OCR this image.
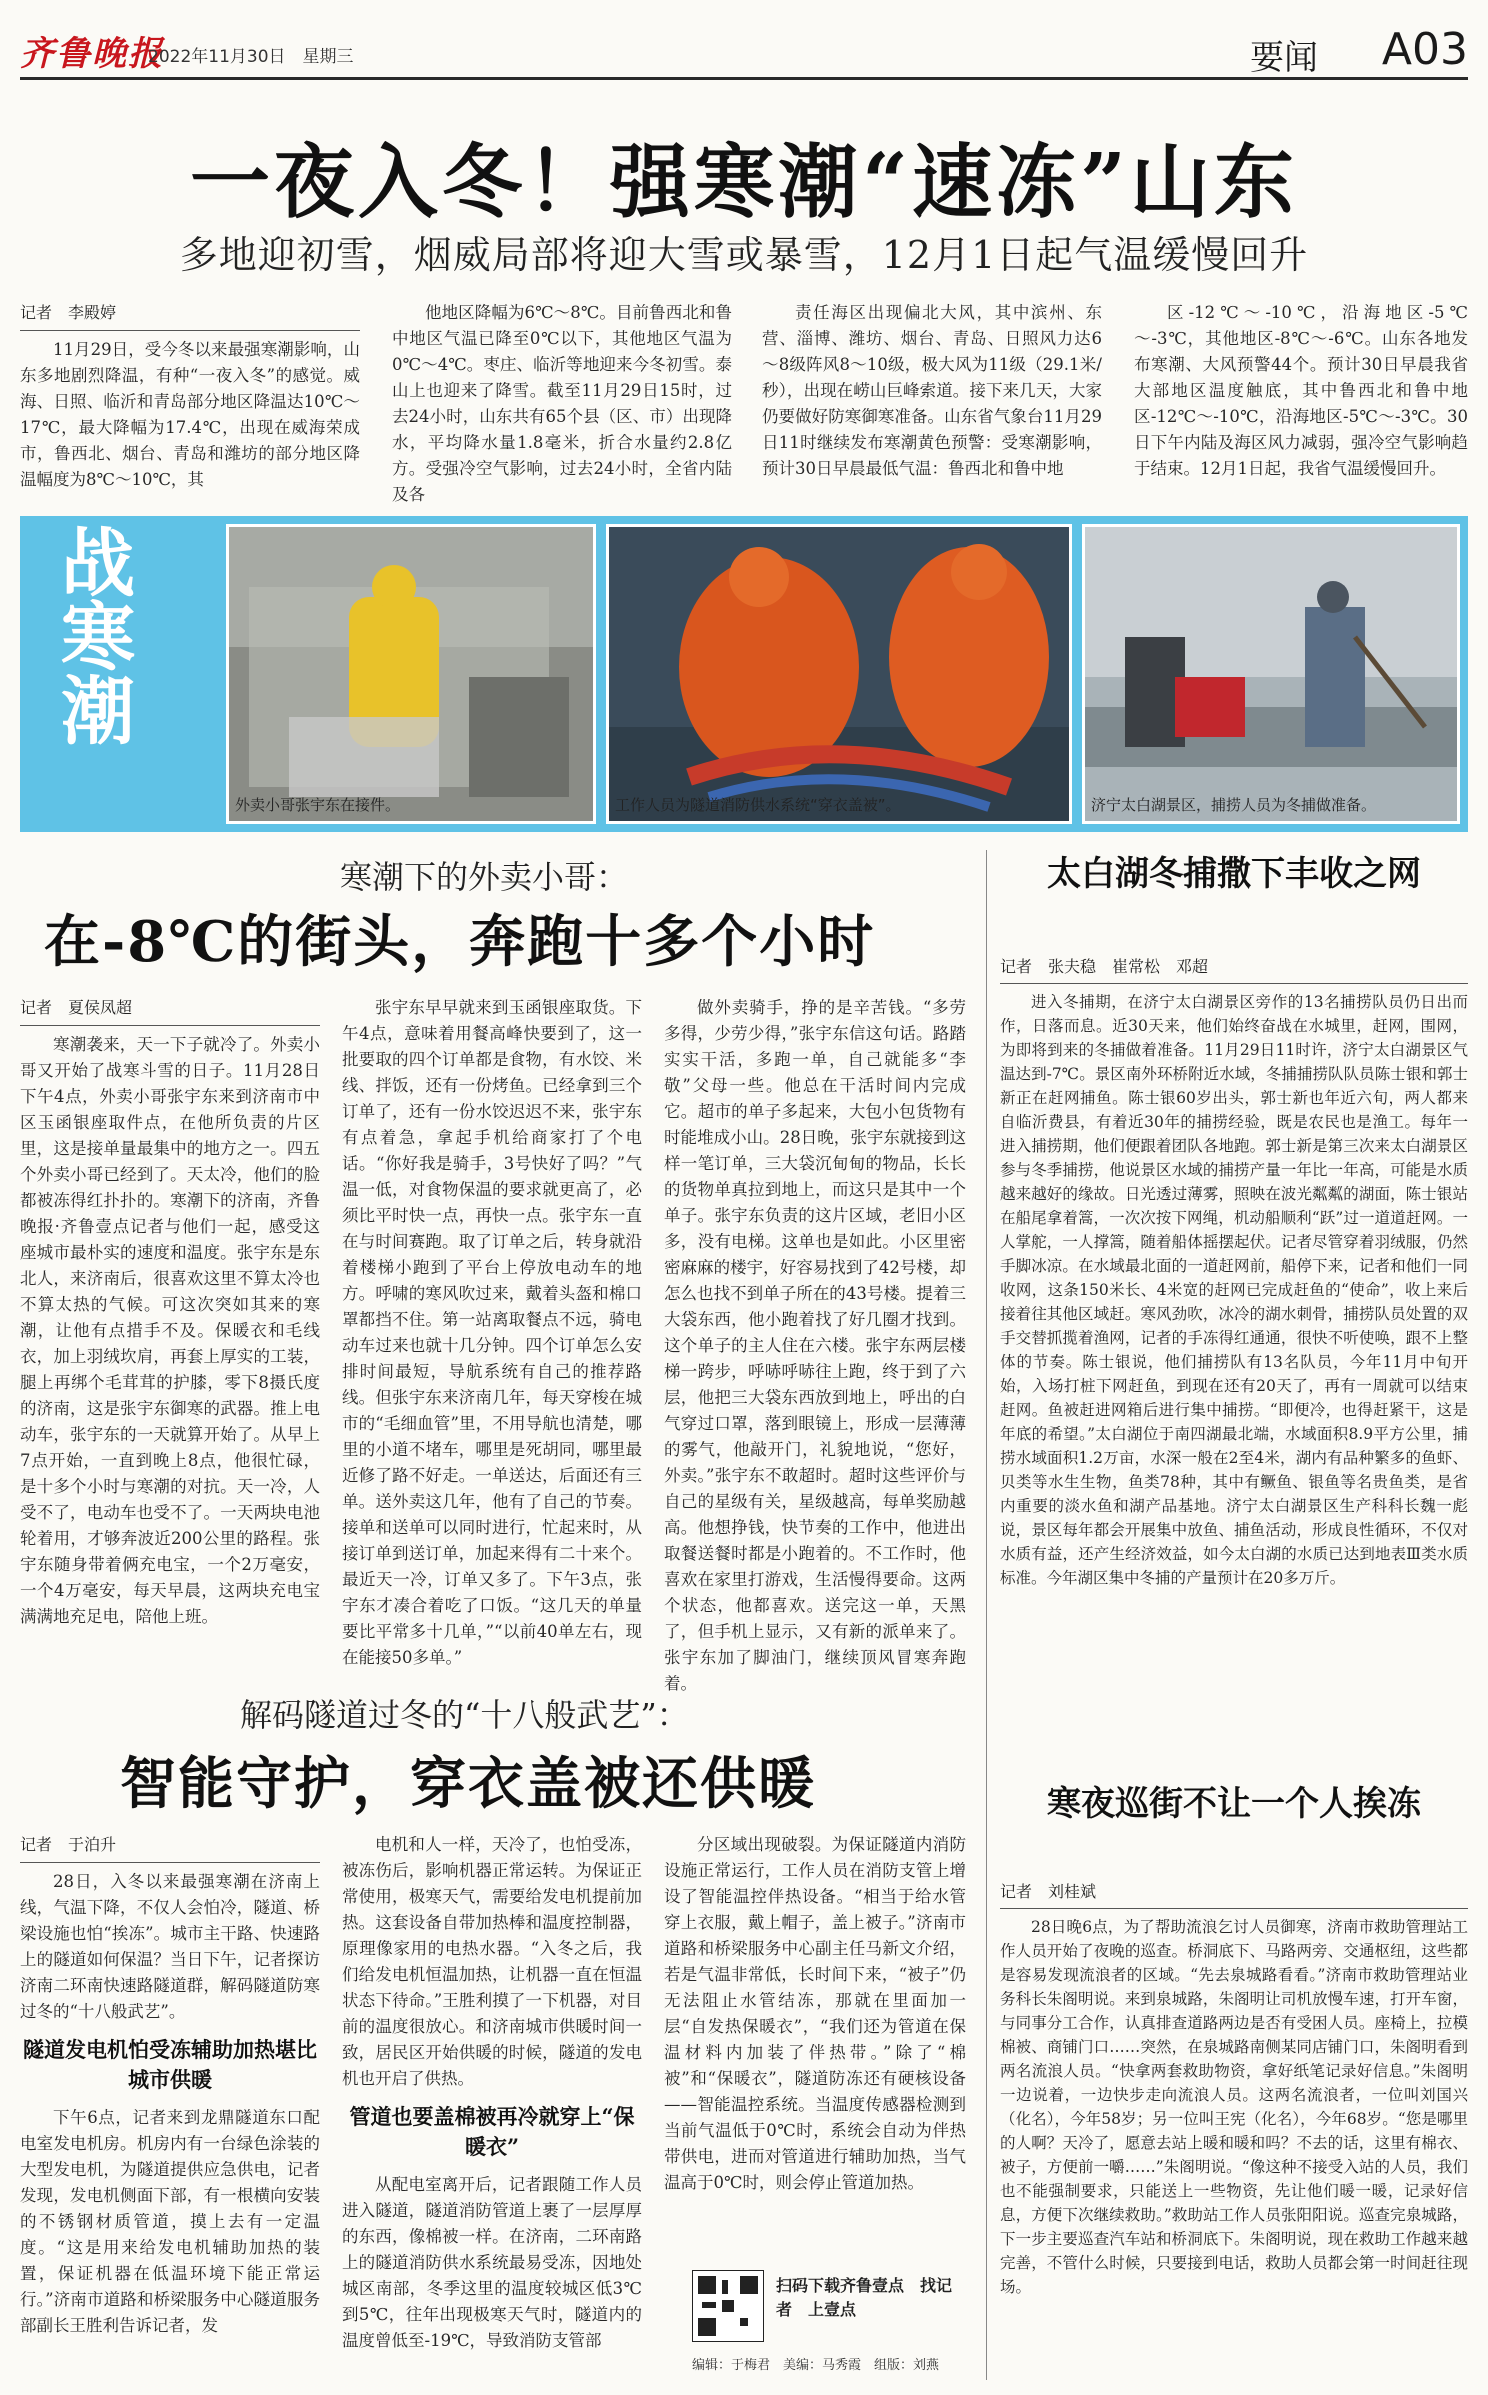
齐鲁晚报
2022年11月30日　星期三	要闻 A03
一夜入冬！强寒潮“速冻”山东
多地迎初雪，烟威局部将迎大雪或暴雪，12月1日起气温缓慢回升
记者　李殿婷

11月29日，受今冬以来最强寒潮影响，山东多地剧烈降温，有种“一夜入冬”的感觉。威海、日照、临沂和青岛部分地区降温达10℃～17℃，最大降幅为17.4℃，出现在威海荣成市，鲁西北、烟台、青岛和潍坊的部分地区降温幅度为8℃～10℃，其

他地区降幅为6℃～8℃。目前鲁西北和鲁中地区气温已降至0℃以下，其他地区气温为0℃～4℃。枣庄、临沂等地迎来今冬初雪。泰山上也迎来了降雪。截至11月29日15时，过去24小时，山东共有65个县（区、市）出现降水，平均降水量1.8毫米，折合水量约2.8亿方。受强冷空气影响，过去24小时，全省内陆及各

责任海区出现偏北大风，其中滨州、东营、淄博、潍坊、烟台、青岛、日照风力达6～8级阵风8～10级，极大风为11级（29.1米/秒），出现在崂山巨峰索道。接下来几天，大家仍要做好防寒御寒准备。山东省气象台11月29日11时继续发布寒潮黄色预警：受寒潮影响，预计30日早晨最低气温：鲁西北和鲁中地

区-12℃～-10℃，沿海地区-5℃～-3℃，其他地区-8℃～-6℃。山东各地发布寒潮、大风预警44个。预计30日早晨我省大部地区温度触底，其中鲁西北和鲁中地区-12℃～-10℃，沿海地区-5℃～-3℃。30日下午内陆及海区风力减弱，强冷空气影响趋于结束。12月1日起，我省气温缓慢回升。

战寒潮
外卖小哥张宇东在接件。	工作人员为隧道消防供水系统“穿衣盖被”。	济宁太白湖景区，捕捞人员为冬捕做准备。
寒潮下的外卖小哥：
在-8℃的街头，奔跑十多个小时
记者　夏侯凤超

寒潮袭来，天一下子就冷了。外卖小哥又开始了战寒斗雪的日子。11月28日下午4点，外卖小哥张宇东来到济南市中区玉函银座取件点，在他所负责的片区里，这是接单量最集中的地方之一。四五个外卖小哥已经到了。天太冷，他们的脸都被冻得红扑扑的。寒潮下的济南，齐鲁晚报·齐鲁壹点记者与他们一起，感受这座城市最朴实的速度和温度。张宇东是东北人，来济南后，很喜欢这里不算太冷也不算太热的气候。可这次突如其来的寒潮，让他有点措手不及。保暖衣和毛线衣，加上羽绒坎肩，再套上厚实的工装，腿上再绑个毛茸茸的护膝，零下8摄氏度的济南，这是张宇东御寒的武器。推上电动车，张宇东的一天就算开始了。从早上7点开始，一直到晚上8点，他很忙碌，是十多个小时与寒潮的对抗。天一冷，人受不了，电动车也受不了。一天两块电池轮着用，才够奔波近200公里的路程。张宇东随身带着俩充电宝，一个2万毫安，一个4万毫安，每天早晨，这两块充电宝满满地充足电，陪他上班。

张宇东早早就来到玉函银座取货。下午4点，意味着用餐高峰快要到了，这一批要取的四个订单都是食物，有水饺、米线、拌饭，还有一份烤鱼。已经拿到三个订单了，还有一份水饺迟迟不来，张宇东有点着急，拿起手机给商家打了个电话。“你好我是骑手，3号快好了吗？”气温一低，对食物保温的要求就更高了，必须比平时快一点，再快一点。张宇东一直在与时间赛跑。取了订单之后，转身就沿着楼梯小跑到了平台上停放电动车的地方。呼啸的寒风吹过来，戴着头盔和棉口罩都挡不住。第一站离取餐点不远，骑电动车过来也就十几分钟。四个订单怎么安排时间最短，导航系统有自己的推荐路线。但张宇东来济南几年，每天穿梭在城市的“毛细血管”里，不用导航也清楚，哪里的小道不堵车，哪里是死胡同，哪里最近修了路不好走。一单送达，后面还有三单。送外卖这几年，他有了自己的节奏。接单和送单可以同时进行，忙起来时，从接订单到送订单，加起来得有二十来个。最近天一冷，订单又多了。下午3点，张宇东才凑合着吃了口饭。“这几天的单量要比平常多十几单，”“以前40单左右，现在能接50多单。”

做外卖骑手，挣的是辛苦钱。“多劳多得，少劳少得，”张宇东信这句话。路踏实实干活，多跑一单，自己就能多“李敬”父母一些。他总在干活时间内完成它。超市的单子多起来，大包小包货物有时能堆成小山。28日晚，张宇东就接到这样一笔订单，三大袋沉甸甸的物品，长长的货物单真拉到地上，而这只是其中一个单子。张宇东负责的这片区域，老旧小区多，没有电梯。这单也是如此。小区里密密麻麻的楼宇，好容易找到了42号楼，却怎么也找不到单子所在的43号楼。提着三大袋东西，他小跑着找了好几圈才找到。这个单子的主人住在六楼。张宇东两层楼梯一跨步，呼哧呼哧往上跑，终于到了六层，他把三大袋东西放到地上，呼出的白气穿过口罩，落到眼镜上，形成一层薄薄的雾气，他敲开门，礼貌地说，“您好，外卖。”张宇东不敢超时。超时这些评价与自己的星级有关，星级越高，每单奖励越高。他想挣钱，快节奏的工作中，他进出取餐送餐时都是小跑着的。不工作时，他喜欢在家里打游戏，生活慢得要命。这两个状态，他都喜欢。送完这一单，天黑了，但手机上显示，又有新的派单来了。张宇东加了脚油门，继续顶风冒寒奔跑着。

解码隧道过冬的“十八般武艺”：
智能守护，穿衣盖被还供暖
记者　于泊升

28日，入冬以来最强寒潮在济南上线，气温下降，不仅人会怕冷，隧道、桥梁设施也怕“挨冻”。城市主干路、快速路上的隧道如何保温？当日下午，记者探访济南二环南快速路隧道群，解码隧道防寒过冬的“十八般武艺”。

隧道发电机怕受冻辅助加热堪比城市供暖

下午6点，记者来到龙鼎隧道东口配电室发电机房。机房内有一台绿色涂装的大型发电机，为隧道提供应急供电，记者发现，发电机侧面下部，有一根横向安装的不锈钢材质管道，摸上去有一定温度。“这是用来给发电机辅助加热的装置，保证机器在低温环境下能正常运行。”济南市道路和桥梁服务中心隧道服务部副长王胜利告诉记者，发

电机和人一样，天冷了，也怕受冻，被冻伤后，影响机器正常运转。为保证正常使用，极寒天气，需要给发电机提前加热。这套设备自带加热棒和温度控制器，原理像家用的电热水器。“入冬之后，我们给发电机恒温加热，让机器一直在恒温状态下待命。”王胜利摸了一下机器，对目前的温度很放心。和济南城市供暖时间一致，居民区开始供暖的时候，隧道的发电机也开启了供热。

管道也要盖棉被再冷就穿上“保暖衣”

从配电室离开后，记者跟随工作人员进入隧道，隧道消防管道上裹了一层厚厚的东西，像棉被一样。在济南，二环南路上的隧道消防供水系统最易受冻，因地处城区南部，冬季这里的温度较城区低3℃到5℃，往年出现极寒天气时，隧道内的温度曾低至-19℃，导致消防支管部

分区域出现破裂。为保证隧道内消防设施正常运行，工作人员在消防支管上增设了智能温控伴热设备。“相当于给水管穿上衣服，戴上帽子，盖上被子。”济南市道路和桥梁服务中心副主任马新文介绍，若是气温非常低，长时间下来，“被子”仍无法阻止水管结冻，那就在里面加一层“自发热保暖衣”，“我们还为管道在保温材料内加装了伴热带。”除了“棉被”和“保暖衣”，隧道防冻还有硬核设备——智能温控系统。当温度传感器检测到当前气温低于0℃时，系统会自动为伴热带供电，进而对管道进行辅助加热，当气温高于0℃时，则会停止管道加热。

扫码下载齐鲁壹点　找记者　上壹点
编辑：于梅君　美编：马秀霞　组版：刘燕
太白湖冬捕撒下丰收之网
记者　张夫稳　崔常松　邓超

进入冬捕期，在济宁太白湖景区旁作的13名捕捞队员仍日出而作，日落而息。近30天来，他们始终奋战在水城里，赶网，围网，为即将到来的冬捕做着准备。11月29日11时许，济宁太白湖景区气温达到-7℃。景区南外环桥附近水域，冬捕捕捞队队员陈士银和郭士新正在赶网捕鱼。陈士银60岁出头，郭士新也年近六旬，两人都来自临沂费县，有着近30年的捕捞经验，既是农民也是渔工。每年一进入捕捞期，他们便跟着团队各地跑。郭士新是第三次来太白湖景区参与冬季捕捞，他说景区水域的捕捞产量一年比一年高，可能是水质越来越好的缘故。日光透过薄雾，照映在波光粼粼的湖面，陈士银站在船尾拿着篙，一次次按下网绳，机动船顺利“跃”过一道道赶网。一人掌舵，一人撑篙，随着船体摇摆起伏。记者尽管穿着羽绒服，仍然手脚冰凉。在水域最北面的一道赶网前，船停下来，记者和他们一同收网，这条150米长、4米宽的赶网已完成赶鱼的“使命”，收上来后接着往其他区域赶。寒风劲吹，冰冷的湖水刺骨，捕捞队员处置的双手交替抓揽着渔网，记者的手冻得红通通，很快不听使唤，跟不上整体的节奏。陈士银说，他们捕捞队有13名队员，今年11月中旬开始，入场打桩下网赶鱼，到现在还有20天了，再有一周就可以结束赶网。鱼被赶进网箱后进行集中捕捞。“即便冷，也得赶紧干，这是年底的希望。”太白湖位于南四湖最北端，水域面积8.9平方公里，捕捞水域面积1.2万亩，水深一般在2至4米，湖内有品种繁多的鱼虾、贝类等水生生物，鱼类78种，其中有鳜鱼、银鱼等名贵鱼类，是省内重要的淡水鱼和湖产品基地。济宁太白湖景区生产科科长魏一彪说，景区每年都会开展集中放鱼、捕鱼活动，形成良性循环，不仅对水质有益，还产生经济效益，如今太白湖的水质已达到地表Ⅲ类水质标准。今年湖区集中冬捕的产量预计在20多万斤。

寒夜巡街不让一个人挨冻
记者　刘桂斌

28日晚6点，为了帮助流浪乞讨人员御寒，济南市救助管理站工作人员开始了夜晚的巡查。桥洞底下、马路两旁、交通枢纽，这些都是容易发现流浪者的区域。“先去泉城路看看。”济南市救助管理站业务科长朱阁明说。来到泉城路，朱阁明让司机放慢车速，打开车窗，与同事分工合作，认真排查道路两边是否有受困人员。座椅上，拉模棉被、商铺门口……突然，在泉城路南侧某同店铺门口，朱阁明看到两名流浪人员。“快拿两套救助物资，拿好纸笔记录好信息。”朱阁明一边说着，一边快步走向流浪人员。这两名流浪者，一位叫刘国兴（化名），今年58岁；另一位叫王宪（化名），今年68岁。“您是哪里的人啊？天冷了，愿意去站上暖和暖和吗？不去的话，这里有棉衣、被子，方便前一嚼……”朱阁明说。“像这种不接受入站的人员，我们也不能强制要求，只能送上一些物资，先让他们暖一暖，记录好信息，方便下次继续救助。”救助站工作人员张阳阳说。巡查完泉城路，下一步主要巡查汽车站和桥洞底下。朱阁明说，现在救助工作越来越完善，不管什么时候，只要接到电话，救助人员都会第一时间赶往现场。
